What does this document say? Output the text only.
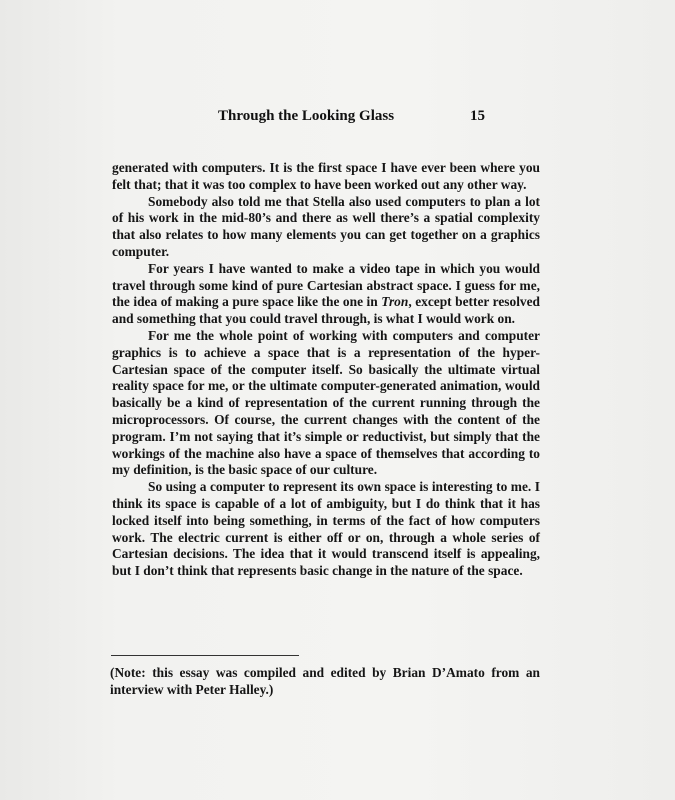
Through the Looking Glass	15

generated with computers. It is the first space I have ever been where you felt that; that it was too complex to have been worked out any other way.

Somebody also told me that Stella also used computers to plan a lot of his work in the mid-80’s and there as well there’s a spatial complexity that also relates to how many elements you can get together on a graphics computer.

For years I have wanted to make a video tape in which you would travel through some kind of pure Cartesian abstract space. I guess for me, the idea of making a pure space like the one in Tron, except better resolved and something that you could travel through, is what I would work on.

For me the whole point of working with computers and computer graphics is to achieve a space that is a representation of the hyper-Cartesian space of the computer itself. So basically the ultimate virtual reality space for me, or the ultimate computer-generated animation, would basically be a kind of representation of the current running through the microprocessors. Of course, the current changes with the content of the program. I’m not saying that it’s simple or reductivist, but simply that the workings of the machine also have a space of themselves that according to my definition, is the basic space of our culture.

So using a computer to represent its own space is interesting to me. I think its space is capable of a lot of ambiguity, but I do think that it has locked itself into being something, in terms of the fact of how computers work. The electric current is either off or on, through a whole series of Cartesian decisions. The idea that it would transcend itself is appealing, but I don’t think that represents basic change in the nature of the space.

(Note: this essay was compiled and edited by Brian D’Amato from an interview with Peter Halley.)
